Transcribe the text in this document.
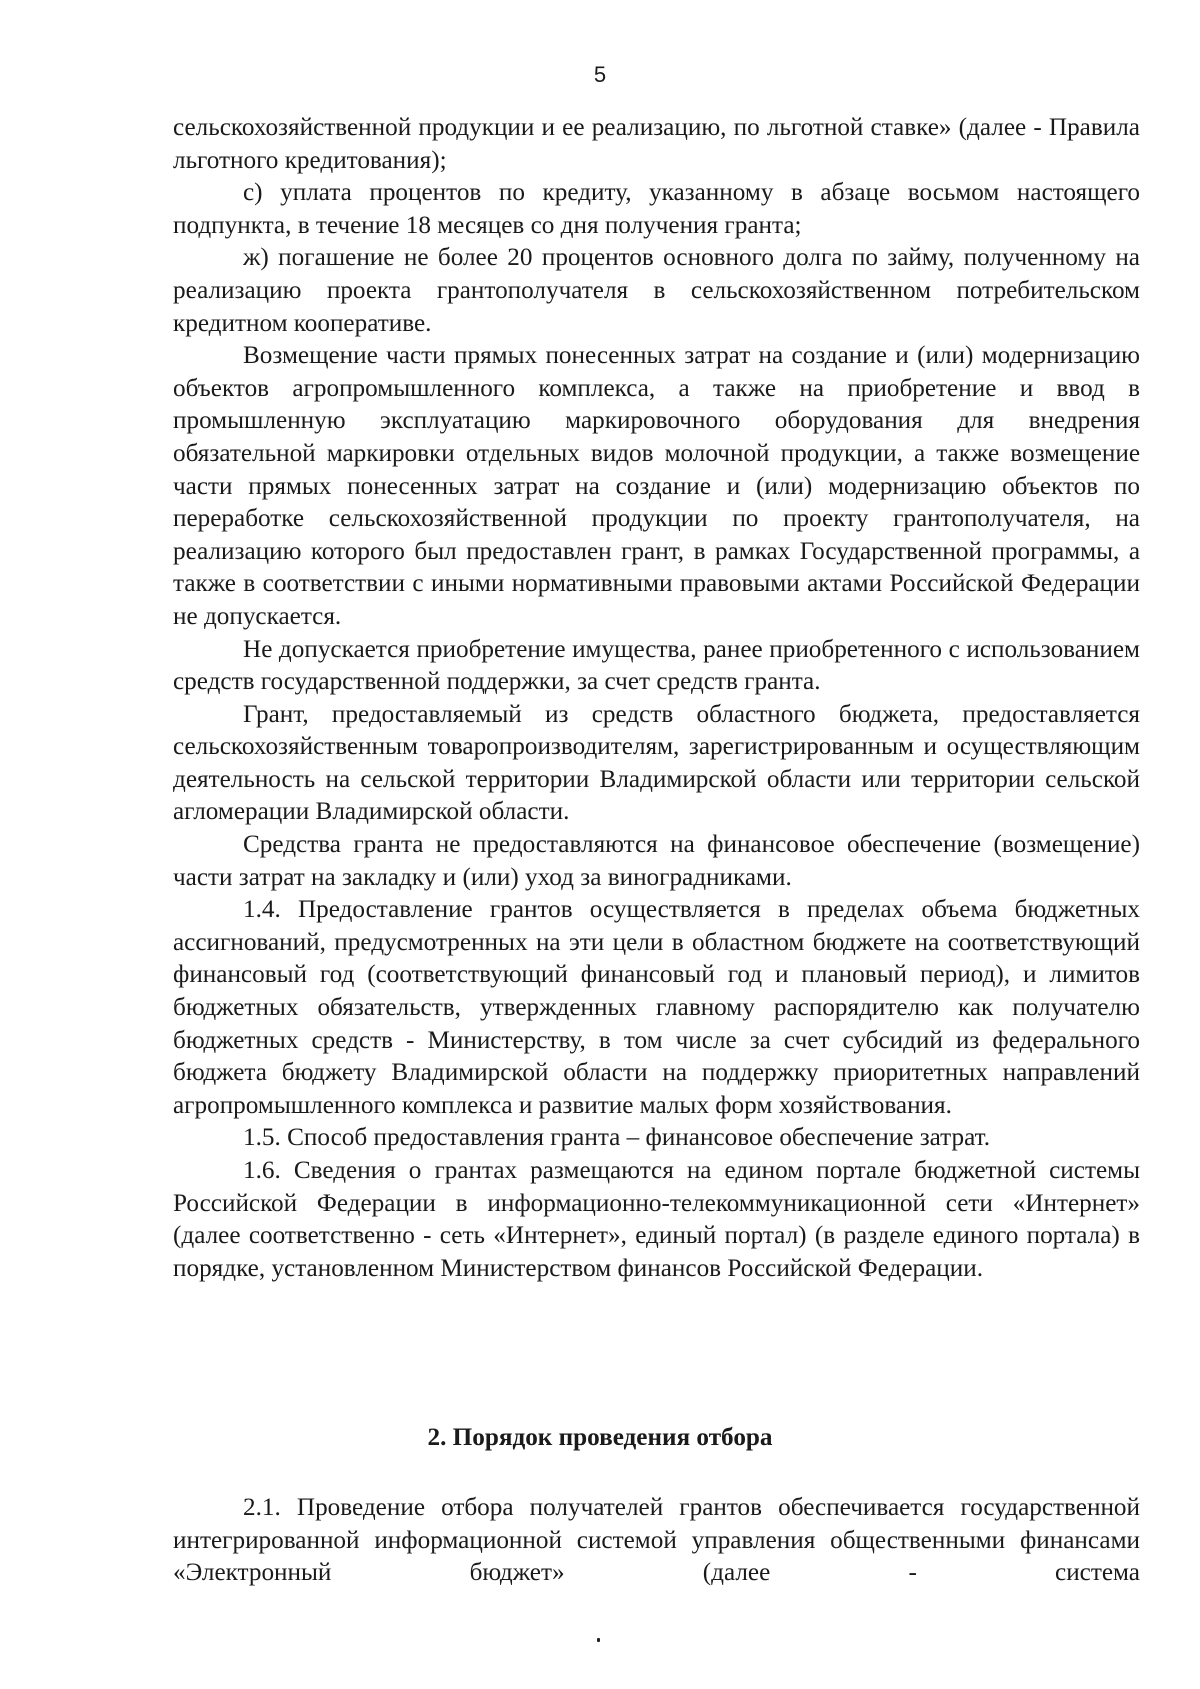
5

сельскохозяйственной продукции и ее реализацию, по льготной ставке» (далее - Правила льготного кредитования);

с) уплата процентов по кредиту, указанному в абзаце восьмом настоящего подпункта, в течение 18 месяцев со дня получения гранта;

ж) погашение не более 20 процентов основного долга по займу, полученному на реализацию проекта грантополучателя в сельскохозяйственном потребительском кредитном кооперативе.

Возмещение части прямых понесенных затрат на создание и (или) модернизацию объектов агропромышленного комплекса, а также на приобретение и ввод в промышленную эксплуатацию маркировочного оборудования для внедрения обязательной маркировки отдельных видов молочной продукции, а также возмещение части прямых понесенных затрат на создание и (или) модернизацию объектов по переработке сельскохозяйственной продукции по проекту грантополучателя, на реализацию которого был предоставлен грант, в рамках Государственной программы, а также в соответствии с иными нормативными правовыми актами Российской Федерации не допускается.

Не допускается приобретение имущества, ранее приобретенного с использованием средств государственной поддержки, за счет средств гранта.

Грант, предоставляемый из средств областного бюджета, предоставляется сельскохозяйственным товаропроизводителям, зарегистрированным и осуществляющим деятельность на сельской территории Владимирской области или территории сельской агломерации Владимирской области.

Средства гранта не предоставляются на финансовое обеспечение (возмещение) части затрат на закладку и (или) уход за виноградниками.

1.4. Предоставление грантов осуществляется в пределах объема бюджетных ассигнований, предусмотренных на эти цели в областном бюджете на соответствующий финансовый год (соответствующий финансовый год и плановый период), и лимитов бюджетных обязательств, утвержденных главному распорядителю как получателю бюджетных средств - Министерству, в том числе за счет субсидий из федерального бюджета бюджету Владимирской области на поддержку приоритетных направлений агропромышленного комплекса и развитие малых форм хозяйствования.

1.5. Способ предоставления гранта – финансовое обеспечение затрат.

1.6. Сведения о грантах размещаются на едином портале бюджетной системы Российской Федерации в информационно-телекоммуникационной сети «Интернет» (далее соответственно - сеть «Интернет», единый портал) (в разделе единого портала) в порядке, установленном Министерством финансов Российской Федерации.

2. Порядок проведения отбора

2.1. Проведение отбора получателей грантов обеспечивается государственной интегрированной информационной системой управления общественными финансами «Электронный бюджет» (далее - система
